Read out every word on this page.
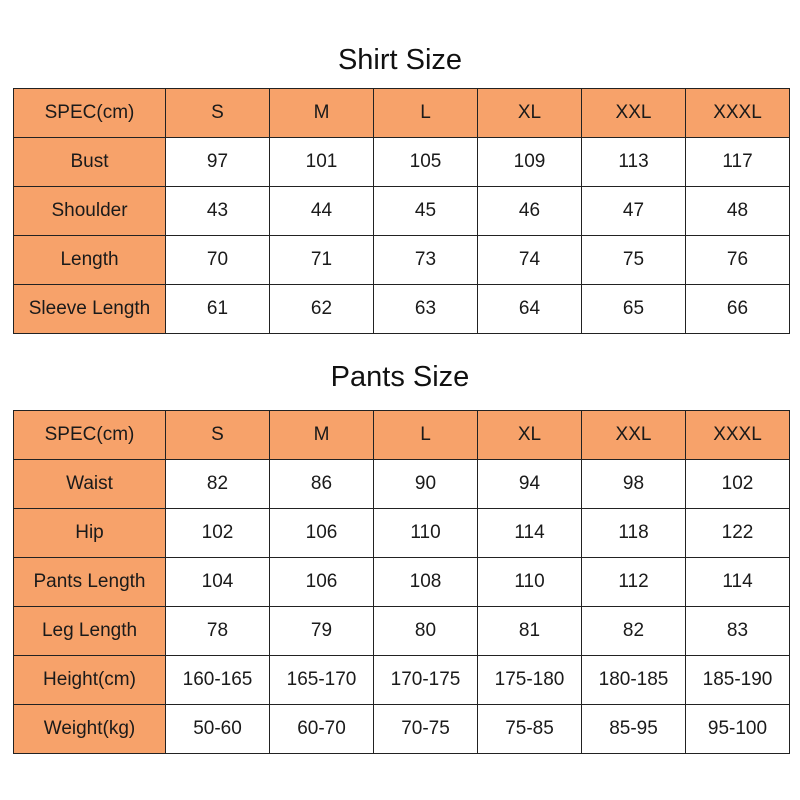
Shirt Size
SPEC(cm)	S	M	L	XL	XXL	XXXL
Bust	97	101	105	109	113	117
Shoulder	43	44	45	46	47	48
Length	70	71	73	74	75	76
Sleeve Length	61	62	63	64	65	66
Pants Size
SPEC(cm)	S	M	L	XL	XXL	XXXL
Waist	82	86	90	94	98	102
Hip	102	106	110	114	118	122
Pants Length	104	106	108	110	112	114
Leg Length	78	79	80	81	82	83
Height(cm)	160-165	165-170	170-175	175-180	180-185	185-190
Weight(kg)	50-60	60-70	70-75	75-85	85-95	95-100
